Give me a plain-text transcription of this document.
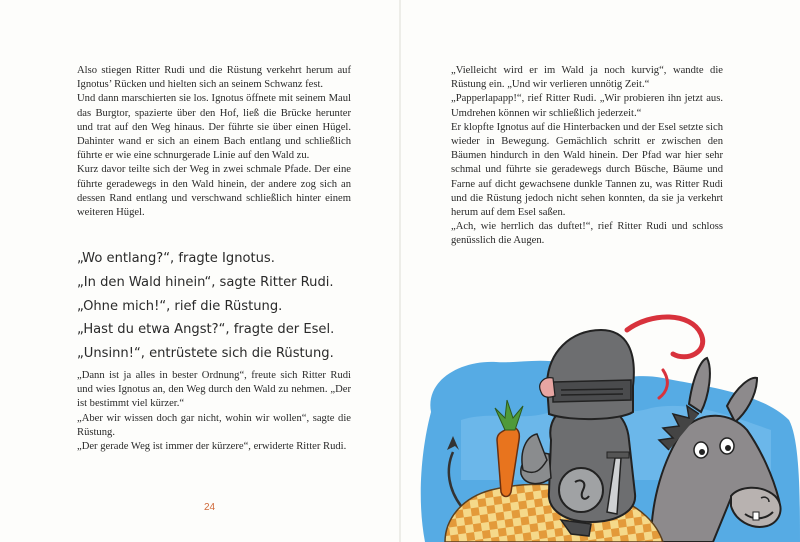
Also stiegen Ritter Rudi und die Rüstung verkehrt herum auf Ignotus’ Rücken und hielten sich an seinem Schwanz fest.

Und dann marschierten sie los. Ignotus öffnete mit seinem Maul das Burgtor, spazierte über den Hof, ließ die Brücke herunter und trat auf den Weg hinaus. Der führte sie über einen Hügel. Dahinter wand er sich an einem Bach entlang und schließlich führte er wie eine schnurgerade Linie auf den Wald zu.

Kurz davor teilte sich der Weg in zwei schmale Pfade. Der eine führte geradewegs in den Wald hinein, der andere zog sich an dessen Rand entlang und verschwand schließlich hinter einem weiteren Hügel.

„Wo entlang?“, fragte Ignotus.

„In den Wald hinein“, sagte Ritter Rudi.

„Ohne mich!“, rief die Rüstung.

„Hast du etwa Angst?“, fragte der Esel.

„Unsinn!“, entrüstete sich die Rüstung.

„Dann ist ja alles in bester Ordnung“, freute sich Ritter Rudi und wies Ignotus an, den Weg durch den Wald zu nehmen. „Der ist bestimmt viel kürzer.“

„Aber wir wissen doch gar nicht, wohin wir wollen“, sagte die Rüstung.

„Der gerade Weg ist immer der kürzere“, erwiderte Ritter Rudi.

24

„Vielleicht wird er im Wald ja noch kurvig“, wandte die Rüstung ein. „Und wir verlieren unnötig Zeit.“

„Papperlapapp!“, rief Ritter Rudi. „Wir probieren ihn jetzt aus. Umdrehen können wir schließlich jederzeit.“

Er klopfte Ignotus auf die Hinterbacken und der Esel setzte sich wieder in Bewegung. Gemächlich schritt er zwischen den Bäumen hindurch in den Wald hinein. Der Pfad war hier sehr schmal und führte sie geradewegs durch Büsche, Bäume und Farne auf dicht gewachsene dunkle Tannen zu, was Ritter Rudi und die Rüstung jedoch nicht sehen konnten, da sie ja verkehrt herum auf dem Esel saßen.

„Ach, wie herrlich das duftet!“, rief Ritter Rudi und schloss genüsslich die Augen.
